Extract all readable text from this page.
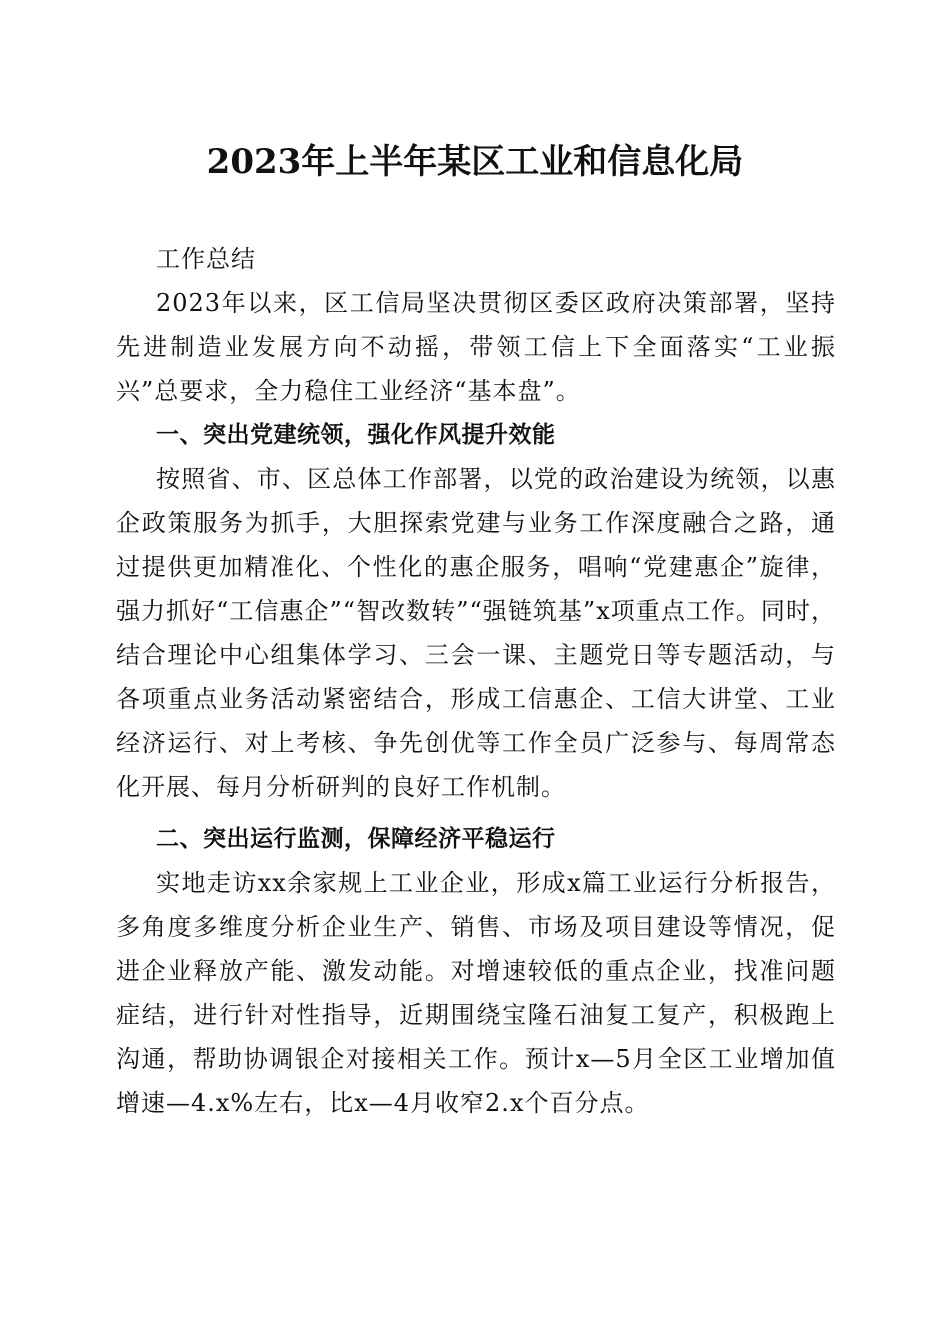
2023年上半年某区工业和信息化局

工作总结

2023年以来，区工信局坚决贯彻区委区政府决策部署，坚持先进制造业发展方向不动摇，带领工信上下全面落实“工业振兴”总要求，全力稳住工业经济“基本盘”。

一、突出党建统领，强化作风提升效能

按照省、市、区总体工作部署，以党的政治建设为统领，以惠企政策服务为抓手，大胆探索党建与业务工作深度融合之路，通过提供更加精准化、个性化的惠企服务，唱响“党建惠企”旋律，强力抓好“工信惠企”“智改数转”“强链筑基”x项重点工作。同时，结合理论中心组集体学习、三会一课、主题党日等专题活动，与各项重点业务活动紧密结合，形成工信惠企、工信大讲堂、工业经济运行、对上考核、争先创优等工作全员广泛参与、每周常态化开展、每月分析研判的良好工作机制。

二、突出运行监测，保障经济平稳运行

实地走访xx余家规上工业企业，形成x篇工业运行分析报告，多角度多维度分析企业生产、销售、市场及项目建设等情况，促进企业释放产能、激发动能。对增速较低的重点企业，找准问题症结，进行针对性指导，近期围绕宝隆石油复工复产，积极跑上沟通，帮助协调银企对接相关工作。预计x—5月全区工业增加值增速—4.x%左右，比x—4月收窄2.x个百分点。
